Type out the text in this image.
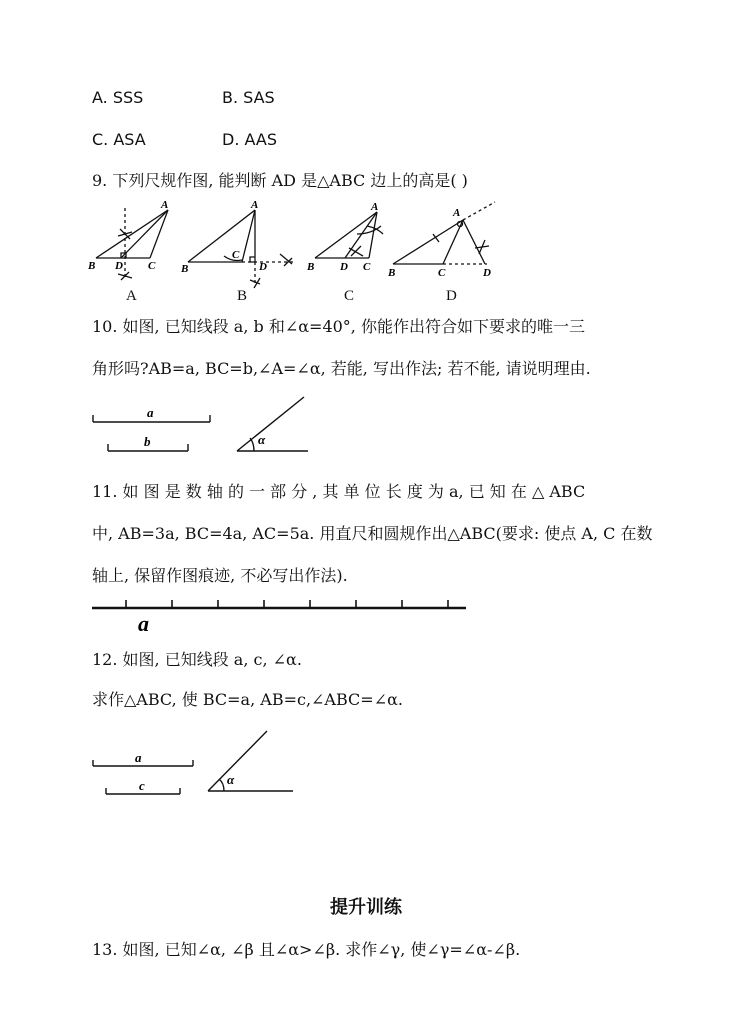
A. SSS	B. SAS
C. ASA	D. AAS
9. 下列尺规作图, 能判断 AD 是△ABC 边上的高是( )
A
B D C
A
A
B
C
D
B
A
B D C
C
A
B	C	D
D
10. 如图, 已知线段 a, b 和∠α=40°, 你能作出符合如下要求的唯一三
角形吗?AB=a, BC=b,∠A=∠α, 若能, 写出作法; 若不能, 请说明理由.
a
b	α
11. 如 图 是 数 轴 的 一 部 分 , 其 单 位 长 度 为 a, 已 知 在 △ ABC
中, AB=3a, BC=4a, AC=5a. 用直尺和圆规作出△ABC(要求: 使点 A, C 在数
轴上, 保留作图痕迹, 不必写出作法).
a
12. 如图, 已知线段 a, c, ∠α.
求作△ABC, 使 BC=a, AB=c,∠ABC=∠α.
a
c	α
提升训练
13. 如图, 已知∠α, ∠β 且∠α>∠β. 求作∠γ, 使∠γ=∠α-∠β.
